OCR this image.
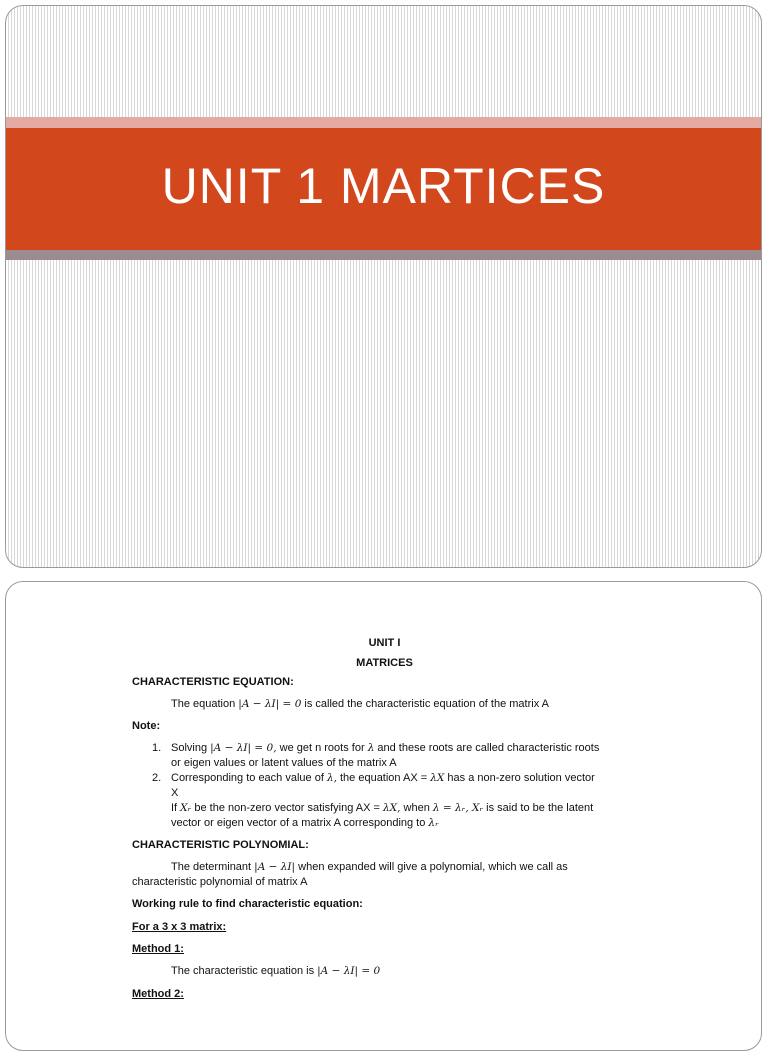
UNIT 1 MARTICES
UNIT I
MATRICES
CHARACTERISTIC EQUATION:
The equation |A − λI| = 0 is called the characteristic equation of the matrix A
Note:
1. Solving |A − λI| = 0, we get n roots for λ and these roots are called characteristic roots
or eigen values or latent values of the matrix A
2. Corresponding to each value of λ, the equation AX = λX has a non-zero solution vector
X
If Xᵣ be the non-zero vector satisfying AX = λX, when λ = λᵣ, Xᵣ is said to be the latent
vector or eigen vector of a matrix A corresponding to λᵣ
CHARACTERISTIC POLYNOMIAL:
The determinant |A − λI| when expanded will give a polynomial, which we call as
characteristic polynomial of matrix A
Working rule to find characteristic equation:
For a 3 x 3 matrix:
Method 1:
The characteristic equation is |A − λI| = 0
Method 2:
